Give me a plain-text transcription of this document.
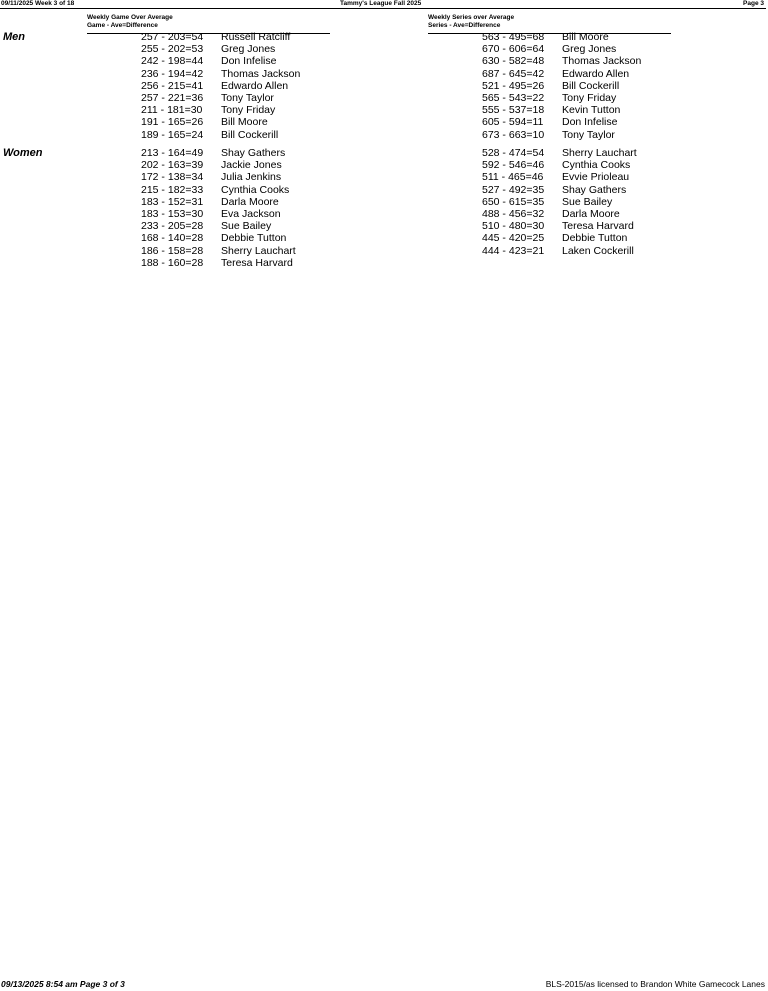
09/11/2025 Week 3 of 18	Tammy's League Fall 2025	Page 3
Weekly Game Over Average
Game - Ave=Difference
Weekly Series over Average
Series - Ave=Difference
Men
Women
257 - 203=54 Russell Ratcliff
255 - 202=53 Greg Jones
242 - 198=44 Don Infelise
236 - 194=42 Thomas Jackson
256 - 215=41 Edwardo Allen
257 - 221=36 Tony Taylor
211 - 181=30 Tony Friday
191 - 165=26 Bill Moore
189 - 165=24 Bill Cockerill
563 - 495=68 Bill Moore
670 - 606=64 Greg Jones
630 - 582=48 Thomas Jackson
687 - 645=42 Edwardo Allen
521 - 495=26 Bill Cockerill
565 - 543=22 Tony Friday
555 - 537=18 Kevin Tutton
605 - 594=11 Don Infelise
673 - 663=10 Tony Taylor
213 - 164=49 Shay Gathers
202 - 163=39 Jackie Jones
172 - 138=34 Julia Jenkins
215 - 182=33 Cynthia Cooks
183 - 152=31 Darla Moore
183 - 153=30 Eva Jackson
233 - 205=28 Sue Bailey
168 - 140=28 Debbie Tutton
186 - 158=28 Sherry Lauchart
188 - 160=28 Teresa Harvard
528 - 474=54 Sherry Lauchart
592 - 546=46 Cynthia Cooks
511 - 465=46 Evvie Prioleau
527 - 492=35 Shay Gathers
650 - 615=35 Sue Bailey
488 - 456=32 Darla Moore
510 - 480=30 Teresa Harvard
445 - 420=25 Debbie Tutton
444 - 423=21 Laken Cockerill
09/13/2025 8:54 am Page 3 of 3	BLS-2015/as licensed to Brandon White Gamecock Lanes
